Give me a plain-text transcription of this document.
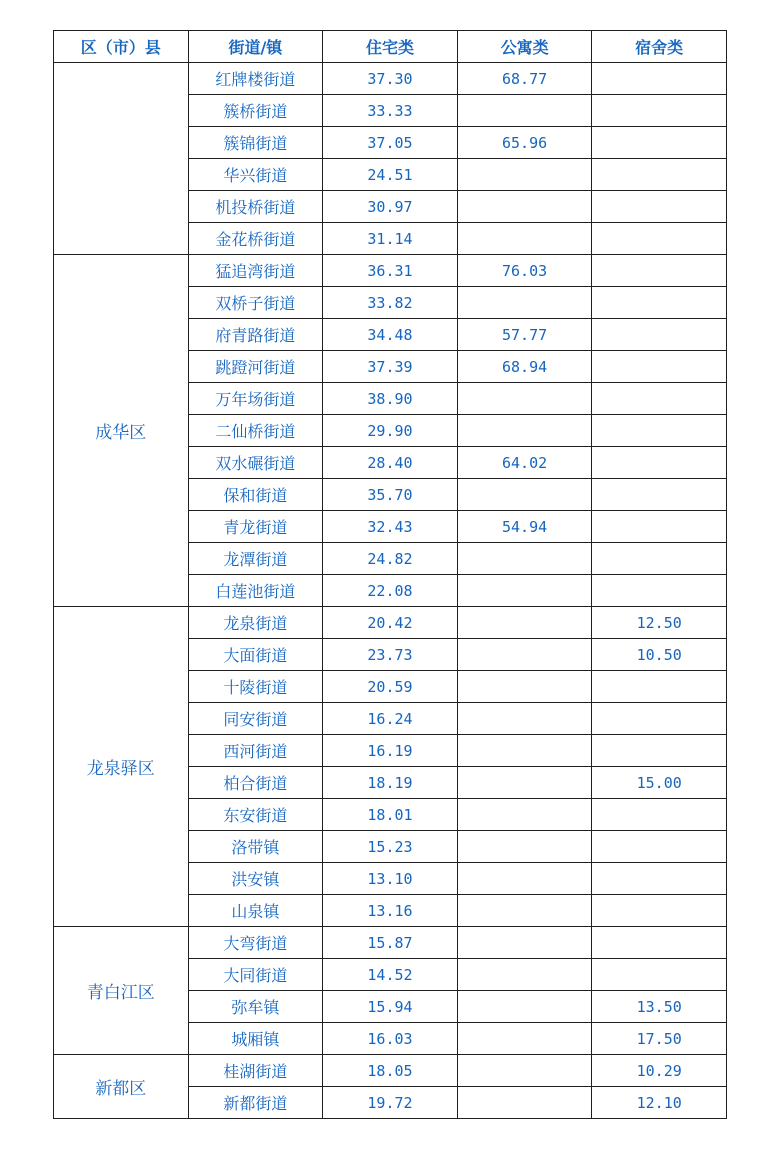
区（市）县	街道/镇	住宅类	公寓类	宿舍类
	红牌楼街道	37.30	68.77	
	簇桥街道	33.33		
	簇锦街道	37.05	65.96	
	华兴街道	24.51		
	机投桥街道	30.97		
	金花桥街道	31.14		
成华区	猛追湾街道	36.31	76.03	
	双桥子街道	33.82		
	府青路街道	34.48	57.77	
	跳蹬河街道	37.39	68.94	
	万年场街道	38.90		
	二仙桥街道	29.90		
	双水碾街道	28.40	64.02	
	保和街道	35.70		
	青龙街道	32.43	54.94	
	龙潭街道	24.82		
	白莲池街道	22.08		
龙泉驿区	龙泉街道	20.42		12.50
	大面街道	23.73		10.50
	十陵街道	20.59		
	同安街道	16.24		
	西河街道	16.19		
	柏合街道	18.19		15.00
	东安街道	18.01		
	洛带镇	15.23		
	洪安镇	13.10		
	山泉镇	13.16		
青白江区	大弯街道	15.87		
	大同街道	14.52		
	弥牟镇	15.94		13.50
	城厢镇	16.03		17.50
新都区	桂湖街道	18.05		10.29
	新都街道	19.72		12.10
